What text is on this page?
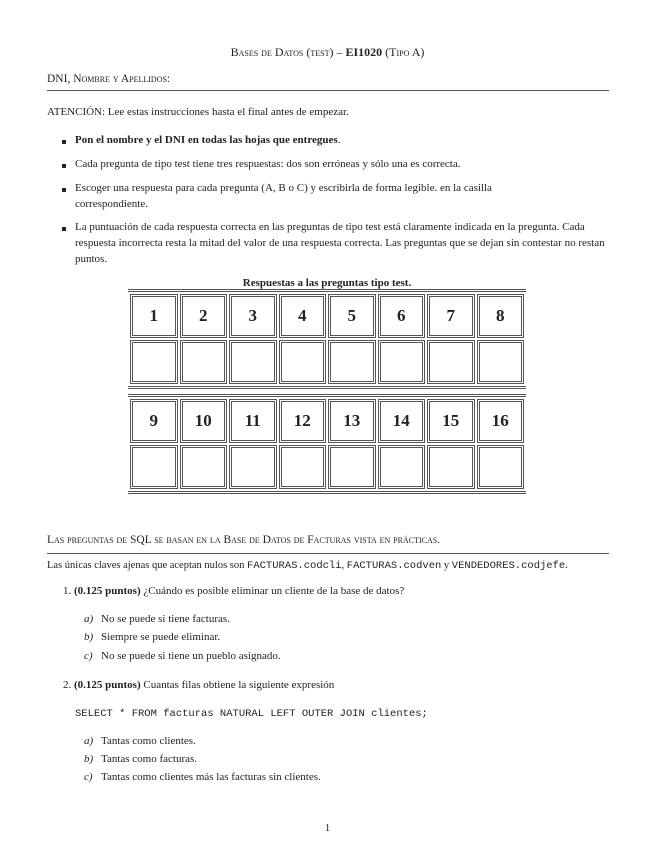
Bases de Datos (test) – EI1020 (Tipo A)
DNI, Nombre y Apellidos:
ATENCIÓN: Lee estas instrucciones hasta el final antes de empezar.
Pon el nombre y el DNI en todas las hojas que entregues.
Cada pregunta de tipo test tiene tres respuestas: dos son erróneas y sólo una es correcta.
Escoger una respuesta para cada pregunta (A, B o C) y escribirla de forma legible. en la casilla correspondiente.
La puntuación de cada respuesta correcta en las preguntas de tipo test está claramente indicada en la pregunta. Cada respuesta incorrecta resta la mitad del valor de una respuesta correcta. Las preguntas que se dejan sin contestar no restan puntos.
Respuestas a las preguntas tipo test.
1	2	3	4	5	6	7	8

9	10	11	12	13	14	15	16

Las preguntas de SQL se basan en la Base de Datos de Facturas vista en prácticas.
Las únicas claves ajenas que aceptan nulos son FACTURAS.codcli, FACTURAS.codven y VENDEDORES.codjefe.
1. (0.125 puntos) ¿Cuándo es posible eliminar un cliente de la base de datos?
a) No se puede si tiene facturas.
b) Siempre se puede eliminar.
c) No se puede si tiene un pueblo asignado.
2. (0.125 puntos) Cuantas filas obtiene la siguiente expresión
SELECT * FROM facturas NATURAL LEFT OUTER JOIN clientes;
a) Tantas como clientes.
b) Tantas como facturas.
c) Tantas como clientes más las facturas sin clientes.
1
